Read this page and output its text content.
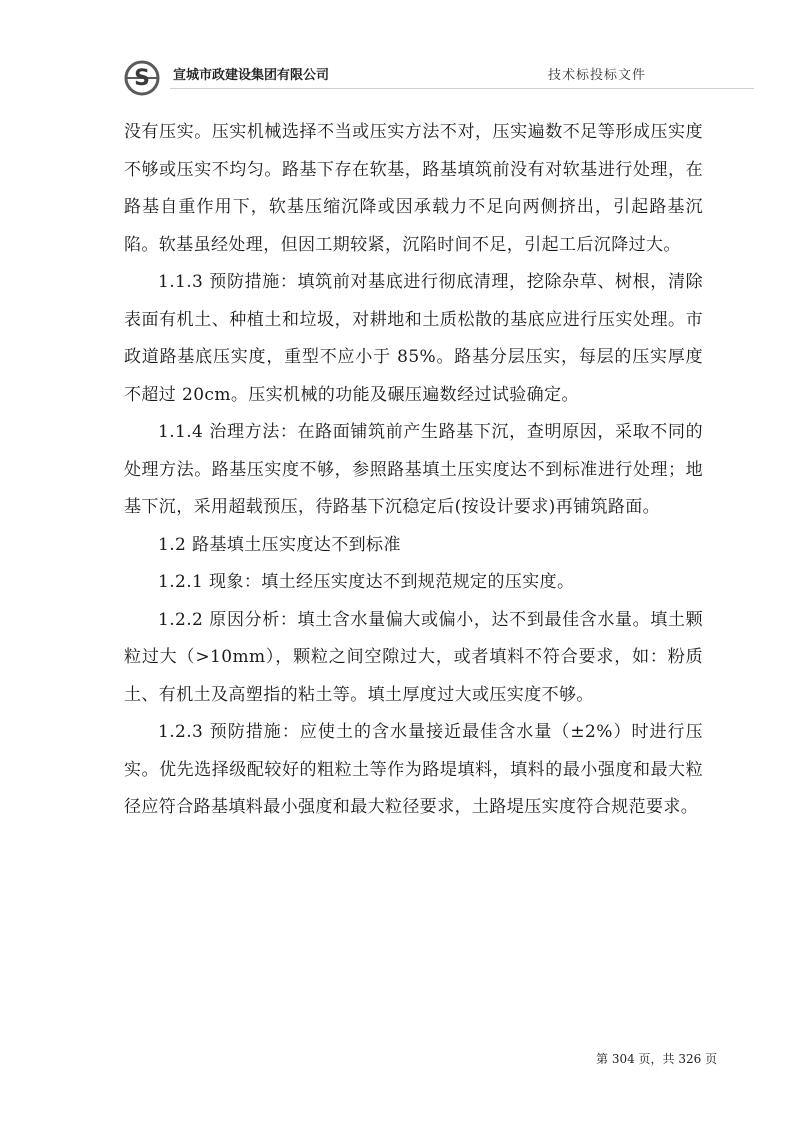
S 宣城市政建设集团有限公司	技术标投标文件

没有压实。压实机械选择不当或压实方法不对，压实遍数不足等形成压实度不够或压实不均匀。路基下存在软基，路基填筑前没有对软基进行处理，在路基自重作用下，软基压缩沉降或因承载力不足向两侧挤出，引起路基沉陷。软基虽经处理，但因工期较紧，沉陷时间不足，引起工后沉降过大。

1.1.3 预防措施：填筑前对基底进行彻底清理，挖除杂草、树根，清除表面有机土、种植土和垃圾，对耕地和土质松散的基底应进行压实处理。市政道路基底压实度，重型不应小于 85%。路基分层压实，每层的压实厚度不超过 20cm。压实机械的功能及碾压遍数经过试验确定。

1.1.4 治理方法：在路面铺筑前产生路基下沉，查明原因，采取不同的处理方法。路基压实度不够，参照路基填土压实度达不到标准进行处理；地基下沉，采用超载预压，待路基下沉稳定后(按设计要求)再铺筑路面。

1.2 路基填土压实度达不到标准

1.2.1 现象：填土经压实度达不到规范规定的压实度。

1.2.2 原因分析：填土含水量偏大或偏小，达不到最佳含水量。填土颗粒过大（>10mm），颗粒之间空隙过大，或者填料不符合要求，如：粉质土、有机土及高塑指的粘土等。填土厚度过大或压实度不够。

1.2.3 预防措施：应使土的含水量接近最佳含水量（±2%）时进行压实。优先选择级配较好的粗粒土等作为路堤填料，填料的最小强度和最大粒径应符合路基填料最小强度和最大粒径要求，土路堤压实度符合规范要求。

第 304 页，共 326 页
